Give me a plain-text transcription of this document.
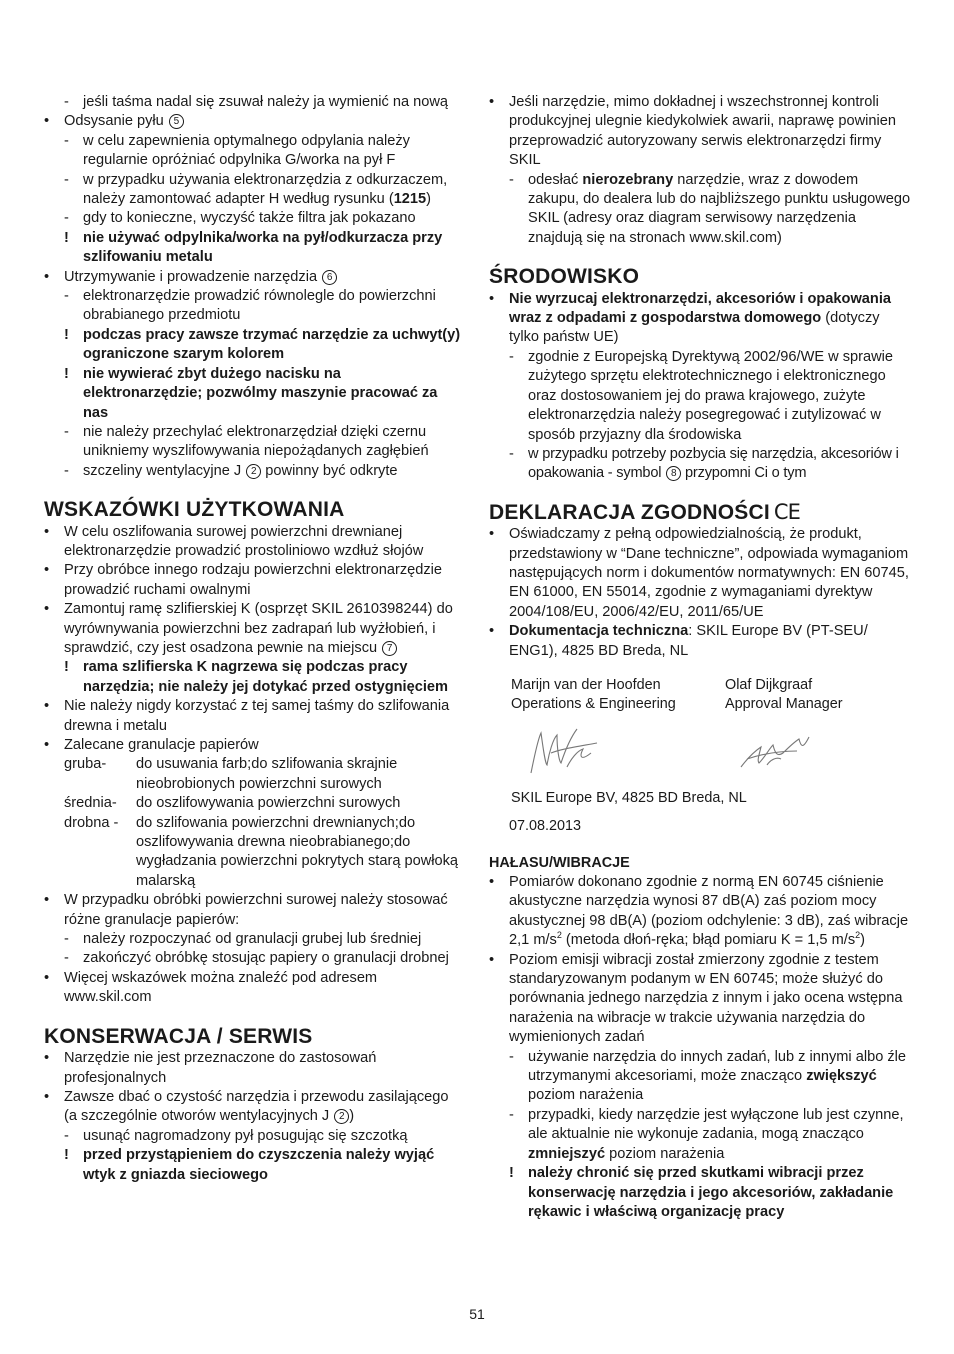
- jeśli taśma nadal się zsuwał należy ja wymienić na nową
• Odsysanie pyłu 5
- w celu zapewnienia optymalnego odpylania należy regularnie opróżniać odpylnika G/worka na pył F
- w przypadku używania elektronarzędzia z odkurzaczem, należy zamontować adapter H według rysunku (1215)
- gdy to konieczne, wyczyść także filtra jak pokazano
! nie używać odpylnika/worka na pył/odkurzacza przy szlifowaniu metalu
• Utrzymywanie i prowadzenie narzędzia 6
- elektronarzędzie prowadzić równolegle do powierzchni obrabianego przedmiotu
! podczas pracy zawsze trzymać narzędzie za uchwyt(y) ograniczone szarym kolorem
! nie wywierać zbyt dużego nacisku na elektronarzędzie; pozwólmy maszynie pracować za nas
- nie należy przechylać elektronarzędział dzięki czernu unikniemy wyszlifowywania niepożądanych zagłębień
- szczeliny wentylacyjne J 2 powinny być odkryte
WSKAZÓWKI UŻYTKOWANIA
• W celu oszlifowania surowej powierzchni drewnianej elektronarzędzie prowadzić prostoliniowo wzdłuż słojów
• Przy obróbce innego rodzaju powierzchni elektronarzędzie prowadzić ruchami owalnymi
• Zamontuj ramę szlifierskiej K (osprzęt SKIL 2610398244) do wyrównywania powierzchni bez zadrapań lub wyżłobień, i sprawdzić, czy jest osadzona pewnie na miejscu 7
! rama szlifierska K nagrzewa się podczas pracy narzędzia; nie należy jej dotykać przed ostygnięciem
• Nie należy nigdy korzystać z tej samej taśmy do szlifowania drewna i metalu
• Zalecane granulacje papierów
gruba-	do usuwania farb;do szlifowania skrajnie nieobrobionych powierzchni surowych
średnia-	do oszlifowywania powierzchni surowych
drobna -	do szlifowania powierzchni drewnianych;do oszlifowywania drewna nieobrabianego;do wygładzania powierzchni pokrytych starą powłoką malarską
• W przypadku obróbki powierzchni surowej należy stosować różne granulacje papierów:
- należy rozpoczynać od granulacji grubej lub średniej
- zakończyć obróbkę stosując papiery o granulacji drobnej
• Więcej wskazówek można znaleźć pod adresem www.skil.com
KONSERWACJA / SERWIS
• Narzędzie nie jest przeznaczone do zastosowań profesjonalnych
• Zawsze dbać o czystość narzędzia i przewodu zasilającego (a szczególnie otworów wentylacyjnych J 2 )
- usunąć nagromadzony pył posugując się szczotką
! przed przystąpieniem do czyszczenia należy wyjąć wtyk z gniazda sieciowego
• Jeśli narzędzie, mimo dokładnej i wszechstronnej kontroli produkcyjnej ulegnie kiedykolwiek awarii, naprawę powinien przeprowadzić autoryzowany serwis elektronarzędzi firmy SKIL
- odesłać nierozebrany narzędzie, wraz z dowodem zakupu, do dealera lub do najbliższego punktu usługowego SKIL (adresy oraz diagram serwisowy narzędzenia znajdują się na stronach www.skil.com)
ŚRODOWISKO
• Nie wyrzucaj elektronarzędzi, akcesoriów i opakowania wraz z odpadami z gospodarstwa domowego (dotyczy tylko państw UE)
- zgodnie z Europejską Dyrektywą 2002/96/WE w sprawie zużytego sprzętu elektrotechnicznego i elektronicznego oraz dostosowaniem jej do prawa krajowego, zużyte elektronarzędzia należy posegregować i zutylizować w sposób przyjazny dla środowiska
- w przypadku potrzeby pozbycia się narzędzia, akcesoriów i opakowania - symbol 8 przypomni Ci o tym
DEKLARACJA ZGODNOŚCI CE
• Oświadczamy z pełną odpowiedzialnością, że produkt, przedstawiony w “Dane techniczne”, odpowiada wymaganiom następujących norm i dokumentów normatywnych: EN 60745, EN 61000, EN 55014, zgodnie z wymaganiami dyrektyw 2004/108/EU, 2006/42/EU, 2011/65/UE
• Dokumentacja techniczna: SKIL Europe BV (PT-SEU/ ENG1), 4825 BD Breda, NL
Marijn van der Hoofden	Olaf Dijkgraaf
Operations & Engineering	Approval Manager
SKIL Europe BV, 4825 BD Breda, NL
07.08.2013
HAŁASU/WIBRACJE
• Pomiarów dokonano zgodnie z normą EN 60745 ciśnienie akustyczne narzędzia wynosi 87 dB(A) zaś poziom mocy akustycznej 98 dB(A) (poziom odchylenie: 3 dB), zaś wibracje 2,1 $m/s^2$ (metoda dłoń-ręka; błąd pomiaru K = 1,5 $m/s^2$)
• Poziom emisji wibracji został zmierzony zgodnie z testem standaryzowanym podanym w EN 60745; może służyć do porównania jednego narzędzia z innym i jako ocena wstępna narażenia na wibracje w trakcie używania narzędzia do wymienionych zadań
- używanie narzędzia do innych zadań, lub z innymi albo źle utrzymanymi akcesoriami, może znacząco zwiększyć poziom narażenia
- przypadki, kiedy narzędzie jest wyłączone lub jest czynne, ale aktualnie nie wykonuje zadania, mogą znacząco zmniejszyć poziom narażenia
! należy chronić się przed skutkami wibracji przez konserwację narzędzia i jego akcesoriów, zakładanie rękawic i właściwą organizację pracy
51
